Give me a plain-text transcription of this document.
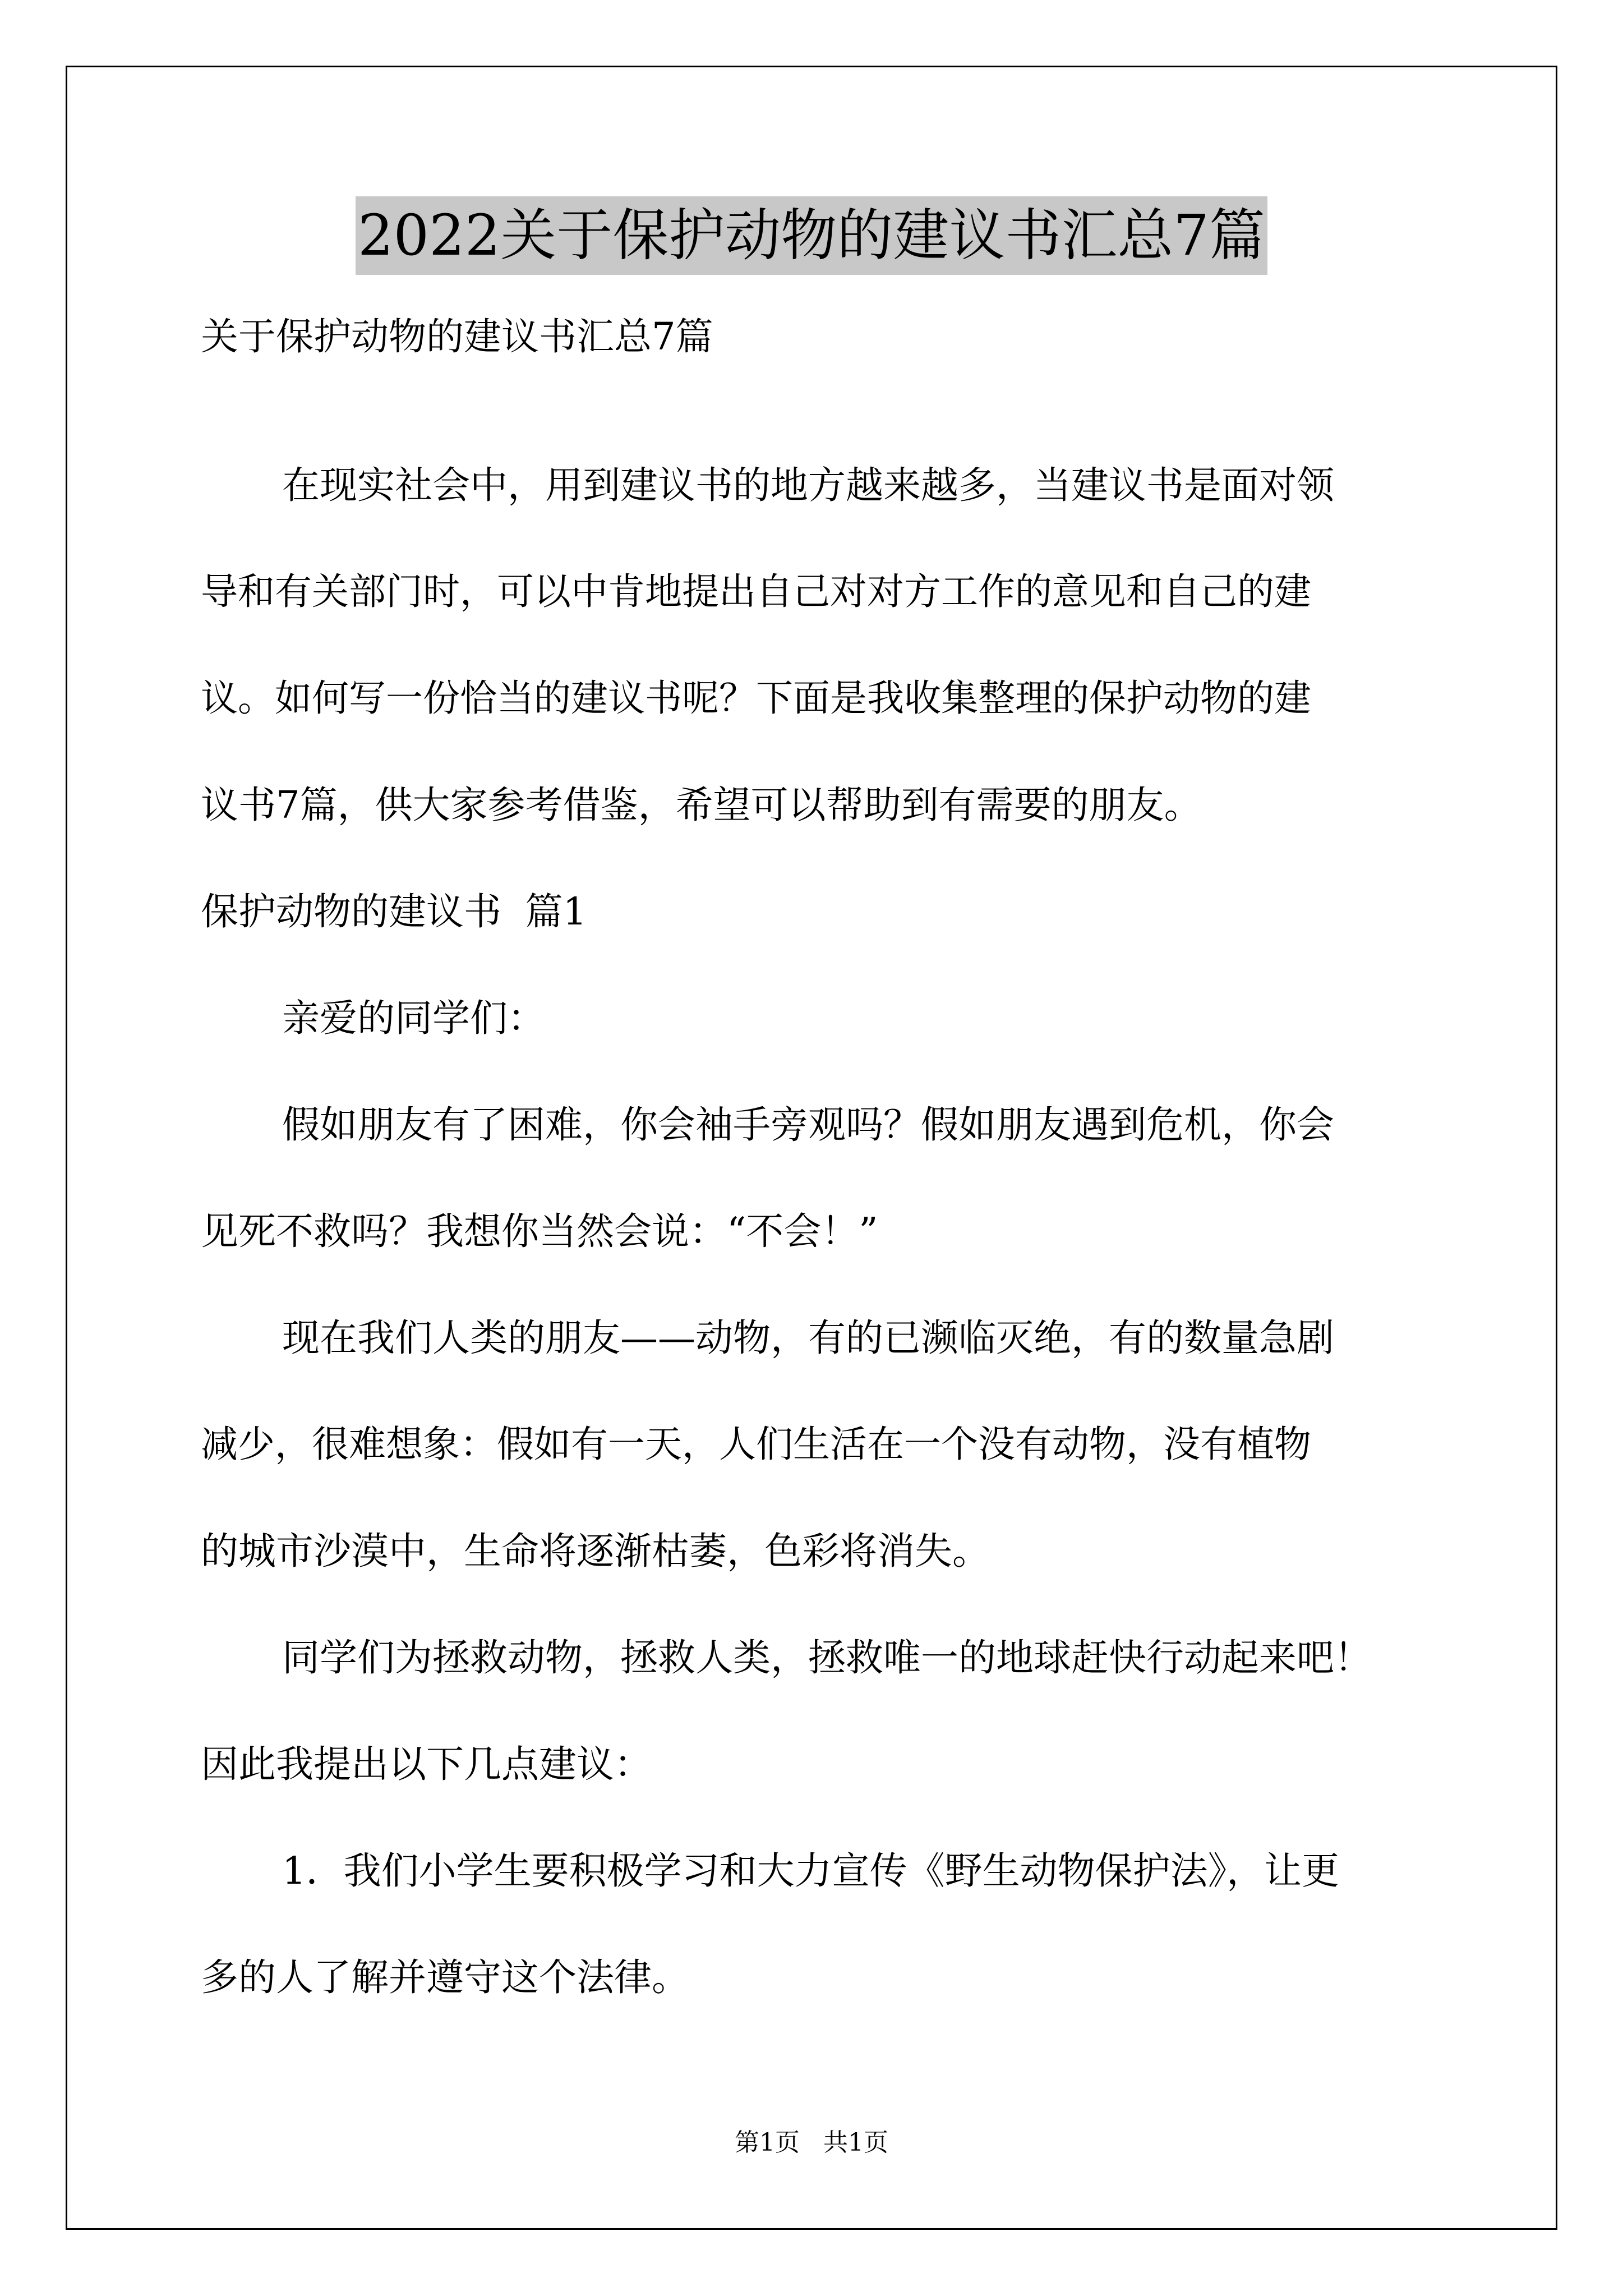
2022关于保护动物的建议书汇总7篇

关于保护动物的建议书汇总7篇

在现实社会中，用到建议书的地方越来越多，当建议书是面对领

导和有关部门时，可以中肯地提出自己对对方工作的意见和自己的建

议。如何写一份恰当的建议书呢？下面是我收集整理的保护动物的建

议书7篇，供大家参考借鉴，希望可以帮助到有需要的朋友。

保护动物的建议书  篇1

亲爱的同学们：

假如朋友有了困难，你会袖手旁观吗？假如朋友遇到危机，你会

见死不救吗？我想你当然会说：“不会！”

现在我们人类的朋友——动物，有的已濒临灭绝，有的数量急剧

减少，很难想象：假如有一天，人们生活在一个没有动物，没有植物

的城市沙漠中，生命将逐渐枯萎，色彩将消失。

同学们为拯救动物，拯救人类，拯救唯一的地球赶快行动起来吧！

因此我提出以下几点建议：

1．我们小学生要积极学习和大力宣传《野生动物保护法》，让更

多的人了解并遵守这个法律。

第1页   共1页
